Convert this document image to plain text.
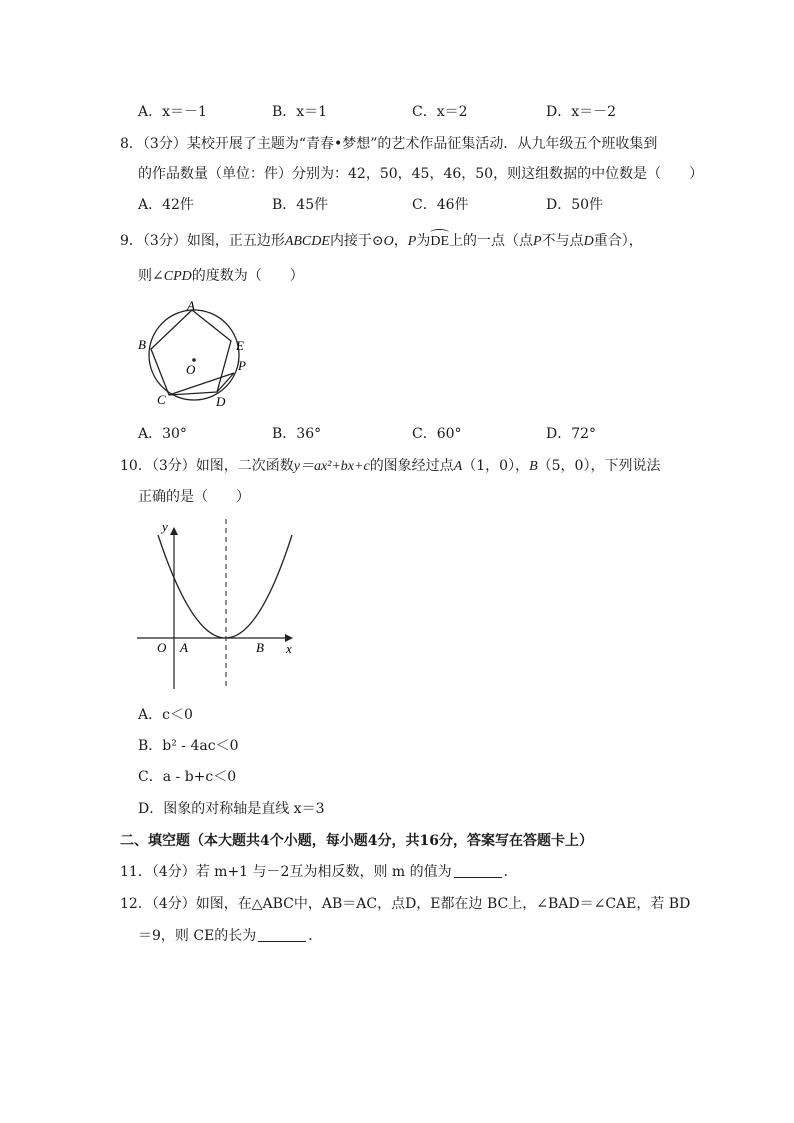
A．x＝－1	B．x＝1	C．x＝2	D．x＝－2
8．（3分）某校开展了主题为“青春•梦想”的艺术作品征集活动．从九年级五个班收集到
的作品数量（单位：件）分别为：42，50，45，46，50，则这组数据的中位数是（　　）
A．42件	B．45件	C．46件	D．50件
9．（3分）如图，正五边形ABCDE内接于⊙O，P为DE上的一点（点P不与点D重合），
则∠CPD的度数为（　　）
A
B
C	D
E
P
O
A．30°	B．36°	C．60°	D．72°
10．（3分）如图，二次函数y＝ax²+bx+c的图象经过点A（1，0），B（5，0），下列说法
正确的是（　　）
y
x
O A	B
A．c＜0
B．b² - 4ac＜0
C．a - b+c＜0
D．图象的对称轴是直线 x＝3
二、填空题（本大题共4个小题，每小题4分，共16分，答案写在答题卡上）
11．（4分）若 m+1 与－2互为相反数，则 m 的值为	．
12．（4分）如图，在△ABC中，AB＝AC，点D，E都在边 BC上，∠BAD＝∠CAE，若 BD
＝9，则 CE的长为	．
